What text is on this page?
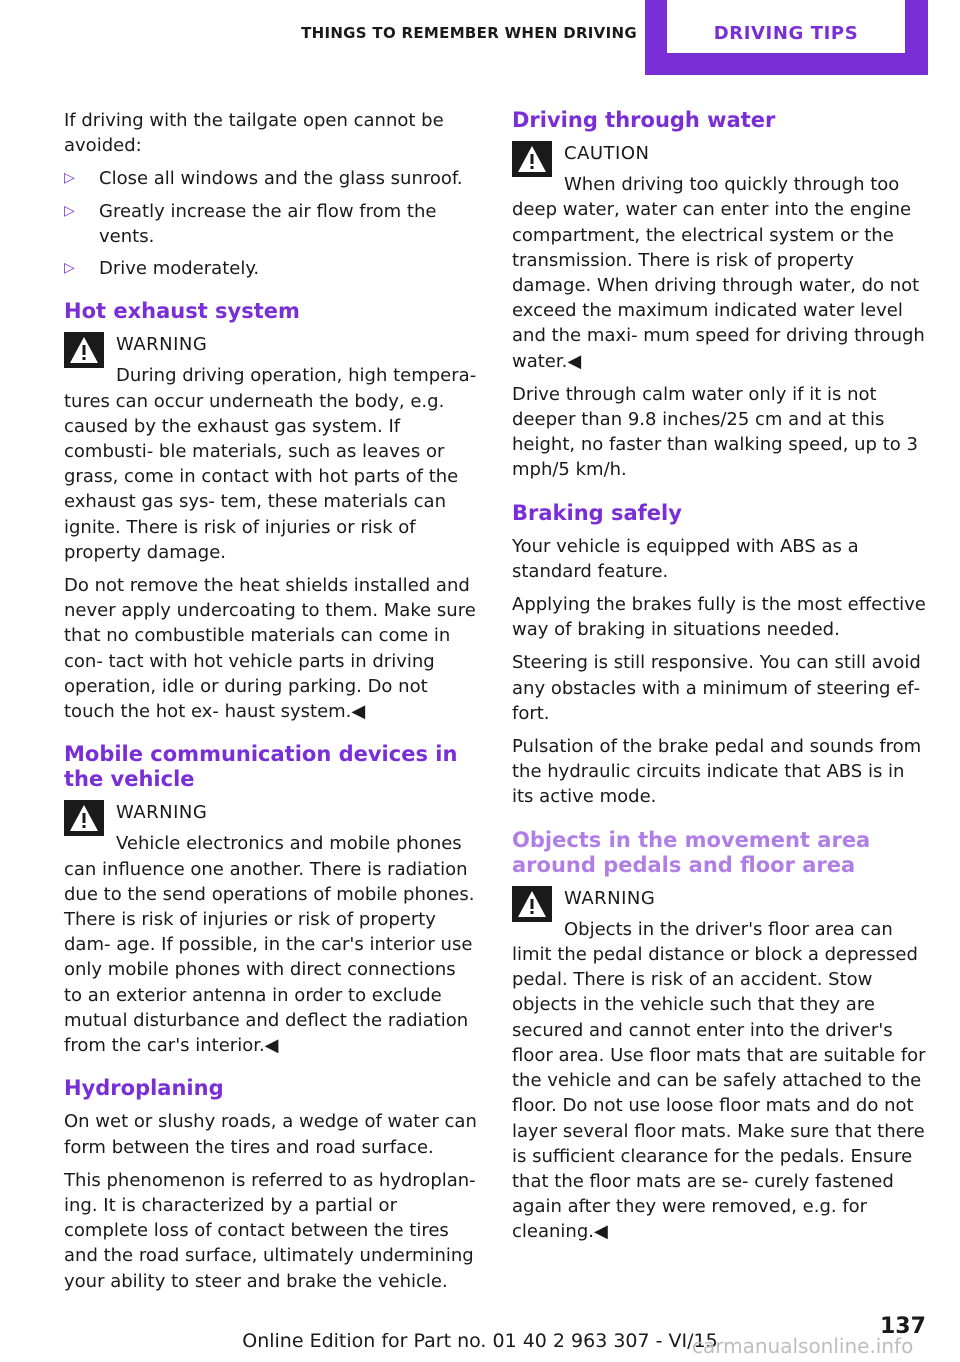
THINGS TO REMEMBER WHEN DRIVING	DRIVING TIPS

If driving with the tailgate open cannot be avoided:

▷ Close all windows and the glass sunroof.
▷ Greatly increase the air flow from the vents.
▷ Drive moderately.
Hot exhaust system
WARNING
During driving operation, high tempera‐ tures can occur underneath the body, e.g. caused by the exhaust gas system. If combusti‐ ble materials, such as leaves or grass, come in contact with hot parts of the exhaust gas sys‐ tem, these materials can ignite. There is risk of injuries or risk of property damage.

Do not remove the heat shields installed and never apply undercoating to them. Make sure that no combustible materials can come in con‐ tact with hot vehicle parts in driving operation, idle or during parking. Do not touch the hot ex‐ haust system.◀

Mobile communication devices in the vehicle
WARNING
Vehicle electronics and mobile phones can influence one another. There is radiation due to the send operations of mobile phones. There is risk of injuries or risk of property dam‐ age. If possible, in the car's interior use only mobile phones with direct connections to an exterior antenna in order to exclude mutual disturbance and deflect the radiation from the car's interior.◀
Hydroplaning

On wet or slushy roads, a wedge of water can form between the tires and road surface.

This phenomenon is referred to as hydroplan‐ ing. It is characterized by a partial or complete loss of contact between the tires and the road surface, ultimately undermining your ability to steer and brake the vehicle.

Driving through water
CAUTION
When driving too quickly through too deep water, water can enter into the engine compartment, the electrical system or the transmission. There is risk of property damage. When driving through water, do not exceed the maximum indicated water level and the maxi‐ mum speed for driving through water.◀

Drive through calm water only if it is not deeper than 9.8 inches/25 cm and at this height, no faster than walking speed, up to 3 mph/5 km/h.

Braking safely

Your vehicle is equipped with ABS as a standard feature.

Applying the brakes fully is the most effective way of braking in situations needed.

Steering is still responsive. You can still avoid any obstacles with a minimum of steering ef‐ fort.

Pulsation of the brake pedal and sounds from the hydraulic circuits indicate that ABS is in its active mode.

Objects in the movement area around pedals and floor area
WARNING
Objects in the driver's floor area can limit the pedal distance or block a depressed pedal. There is risk of an accident. Stow objects in the vehicle such that they are secured and cannot enter into the driver's floor area. Use floor mats that are suitable for the vehicle and can be safely attached to the floor. Do not use loose floor mats and do not layer several floor mats. Make sure that there is sufficient clearance for the pedals. Ensure that the floor mats are se‐ curely fastened again after they were removed, e.g. for cleaning.◀
137
Online Edition for Part no. 01 40 2 963 307 - VI/15
carmanualsonline.info
